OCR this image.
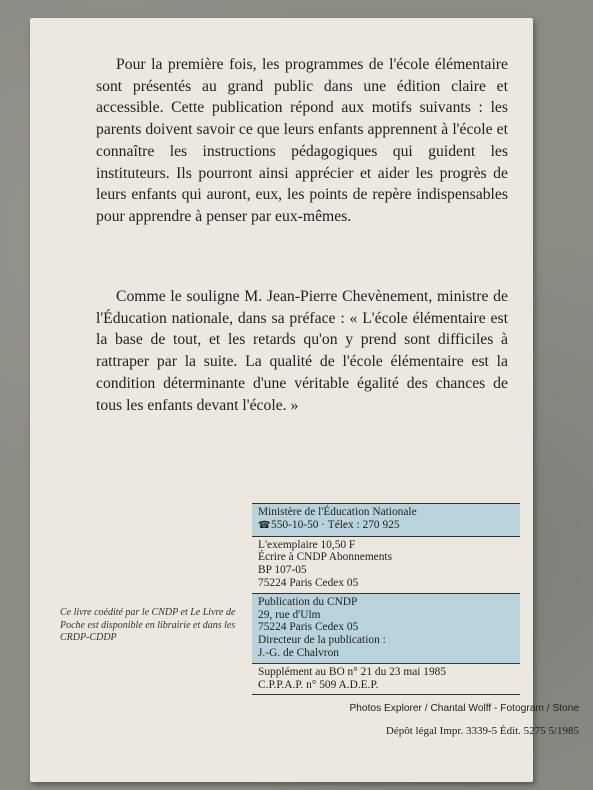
Pour la première fois, les programmes de l'école élémentaire sont présentés au grand public dans une édition claire et accessible. Cette publication répond aux motifs suivants : les parents doivent savoir ce que leurs enfants apprennent à l'école et connaître les instructions pédagogiques qui guident les instituteurs. Ils pourront ainsi apprécier et aider les progrès de leurs enfants qui auront, eux, les points de repère indispensables pour apprendre à penser par eux-mêmes.

Comme le souligne M. Jean-Pierre Chevènement, ministre de l'Éducation nationale, dans sa préface : « L'école élémentaire est la base de tout, et les retards qu'on y prend sont difficiles à rattraper par la suite. La qualité de l'école élémentaire est la condition déterminante d'une véritable égalité des chances de tous les enfants devant l'école. »

Ce livre coédité par le CNDP et Le Livre de Poche est disponible en librairie et dans les CRDP-CDDP

Ministère de l'Éducation Nationale
☎550-10-50 · Télex : 270 925
L'exemplaire 10,50 F
Écrire à CNDP Abonnements
BP 107-05
75224 Paris Cedex 05
Publication du CNDP
29, rue d'Ulm
75224 Paris Cedex 05
Directeur de la publication :
J.-G. de Chalvron
Supplément au BO n° 21 du 23 mai 1985
C.P.P.A.P. n° 509 A.D.E.P.
Photos Explorer / Chantal Wolff - Fotogram / Stone
Dépôt légal Impr. 3339-5 Édit. 5275 5/1985
